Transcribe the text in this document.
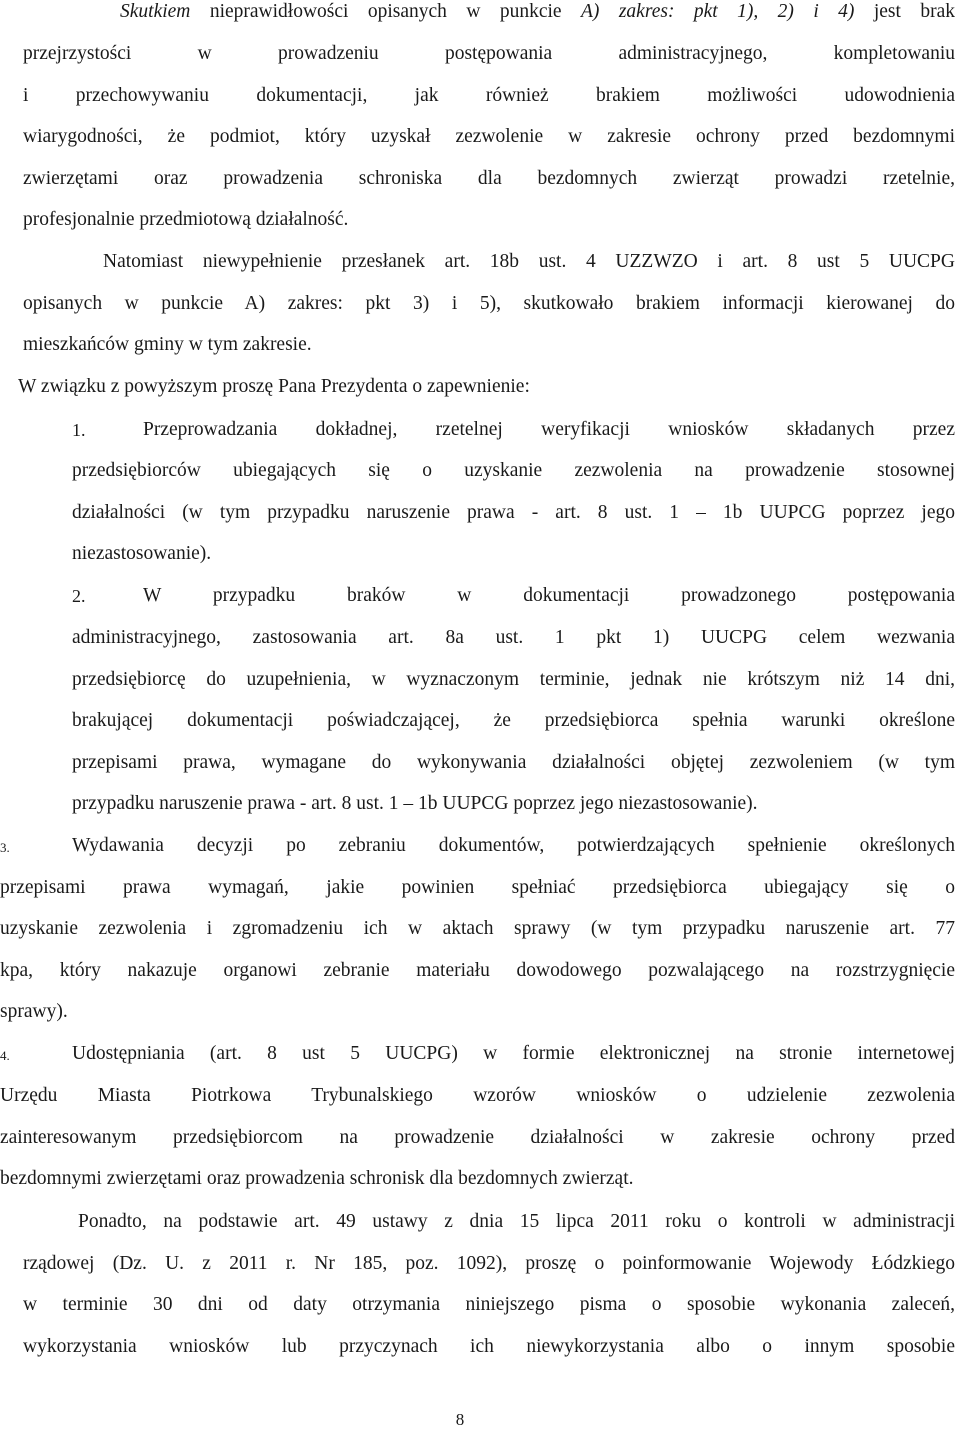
Skutkiem nieprawidłowości opisanych w punkcie A) zakres: pkt 1), 2) i 4) jest brak
przejrzystości w prowadzeniu postępowania administracyjnego, kompletowaniu
i przechowywaniu dokumentacji, jak również brakiem możliwości udowodnienia
wiarygodności, że podmiot, który uzyskał zezwolenie w zakresie ochrony przed bezdomnymi
zwierzętami oraz prowadzenia schroniska dla bezdomnych zwierząt prowadzi rzetelnie,
profesjonalnie przedmiotową działalność.
Natomiast niewypełnienie przesłanek art. 18b ust. 4 UZZWZO i art. 8 ust 5 UUCPG
opisanych w punkcie A) zakres: pkt 3) i 5), skutkowało brakiem informacji kierowanej do
mieszkańców gminy w tym zakresie.
W związku z powyższym proszę Pana Prezydenta o zapewnienie:
1.	Przeprowadzania dokładnej, rzetelnej weryfikacji wniosków składanych przez
przedsiębiorców ubiegających się o uzyskanie zezwolenia na prowadzenie stosownej
działalności (w tym przypadku naruszenie prawa - art. 8 ust. 1 – 1b UUPCG poprzez jego
niezastosowanie).
2.	W przypadku braków w dokumentacji prowadzonego postępowania
administracyjnego, zastosowania art. 8a ust. 1 pkt 1) UUCPG celem wezwania
przedsiębiorcę do uzupełnienia, w wyznaczonym terminie, jednak nie krótszym niż 14 dni,
brakującej dokumentacji poświadczającej, że przedsiębiorca spełnia warunki określone
przepisami prawa, wymagane do wykonywania działalności objętej zezwoleniem (w tym
przypadku naruszenie prawa - art. 8 ust. 1 – 1b UUPCG poprzez jego niezastosowanie).
3.	Wydawania decyzji po zebraniu dokumentów, potwierdzających spełnienie określonych
przepisami prawa wymagań, jakie powinien spełniać przedsiębiorca ubiegający się o
uzyskanie zezwolenia i zgromadzeniu ich w aktach sprawy (w tym przypadku naruszenie art. 77
kpa, który nakazuje organowi zebranie materiału dowodowego pozwalającego na rozstrzygnięcie
sprawy).
4.	Udostępniania (art. 8 ust 5 UUCPG) w formie elektronicznej na stronie internetowej
Urzędu Miasta Piotrkowa Trybunalskiego wzorów wniosków o udzielenie zezwolenia
zainteresowanym przedsiębiorcom na prowadzenie działalności w zakresie ochrony przed
bezdomnymi zwierzętami oraz prowadzenia schronisk dla bezdomnych zwierząt.
Ponadto, na podstawie art. 49 ustawy z dnia 15 lipca 2011 roku o kontroli w administracji
rządowej (Dz. U. z 2011 r. Nr 185, poz. 1092), proszę o poinformowanie Wojewody Łódzkiego
w terminie 30 dni od daty otrzymania niniejszego pisma o sposobie wykonania zaleceń,
wykorzystania wniosków lub przyczynach ich niewykorzystania albo o innym sposobie
8
